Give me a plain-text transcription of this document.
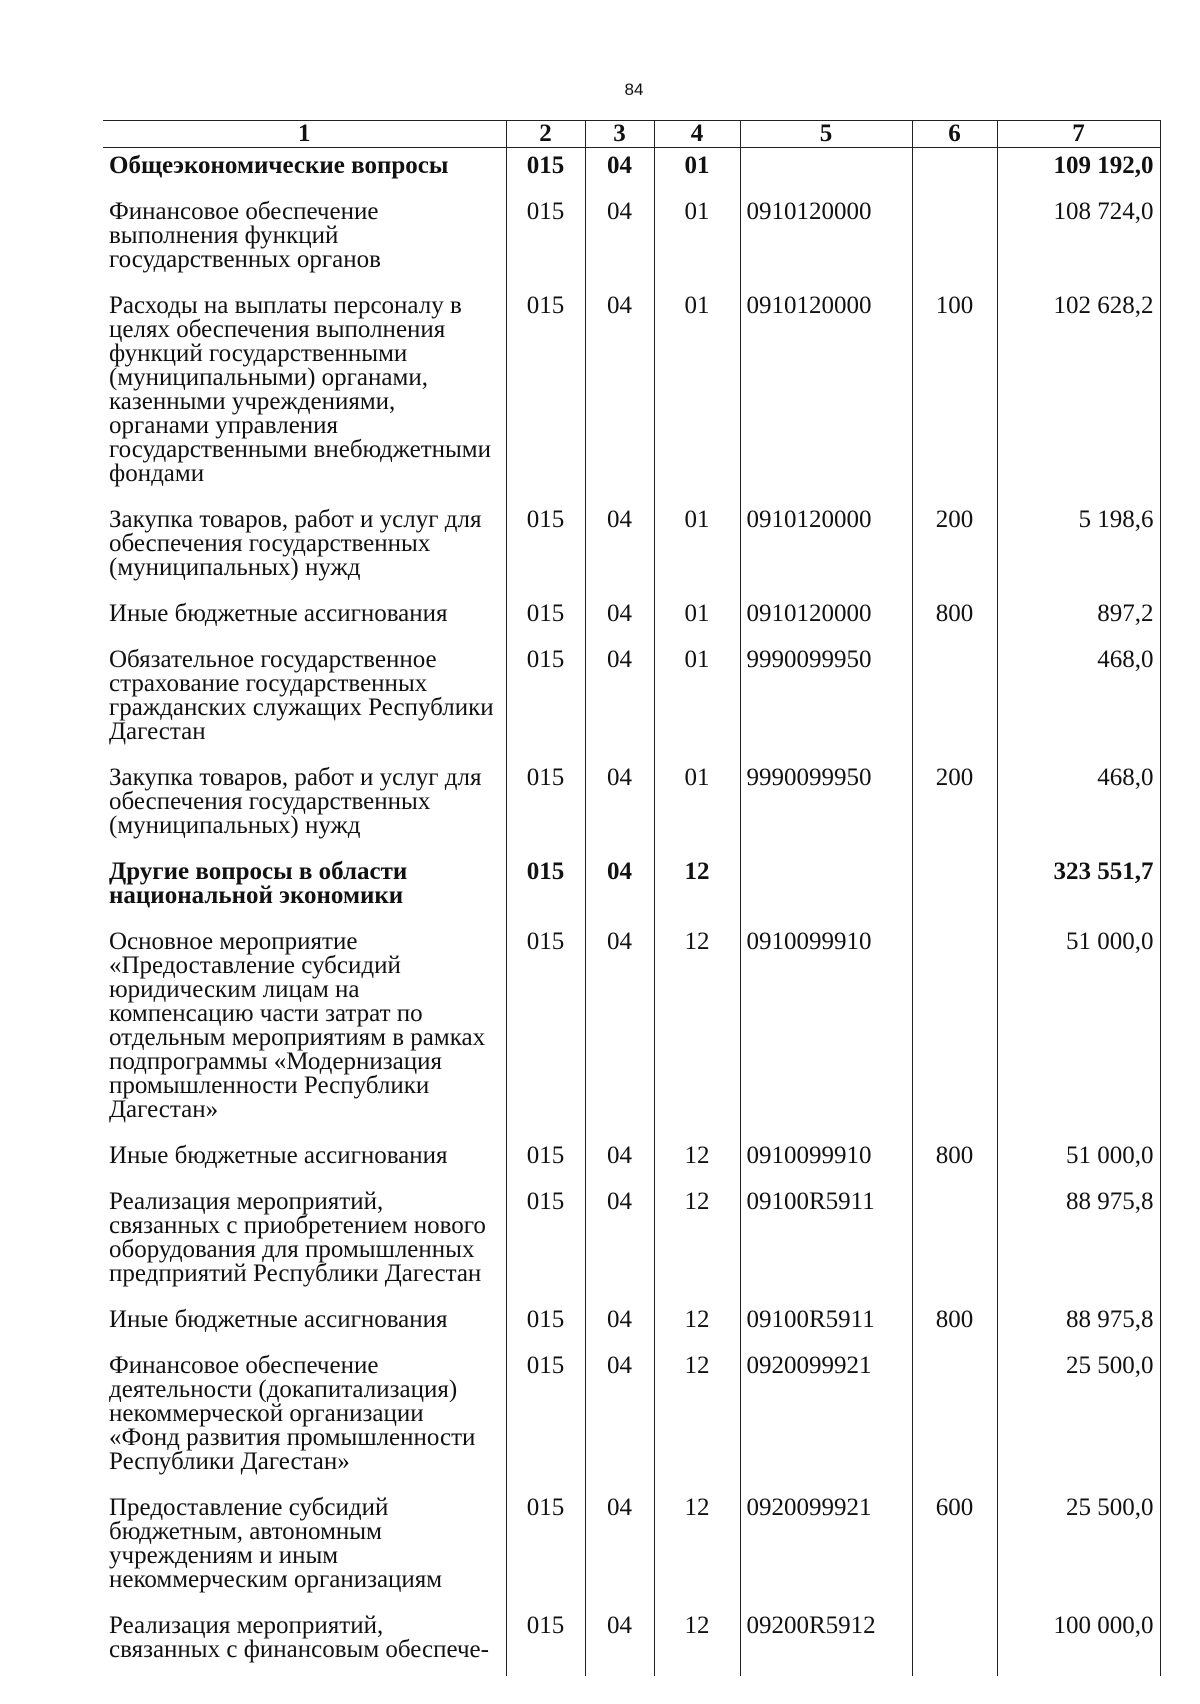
84
1	2	3	4	5	6	7
Общеэкономические вопросы	015	04	01			109 192,0
Финансовое обеспечение выполнения функций государственных органов	015	04	01	0910120000		108 724,0
Расходы на выплаты персоналу в целях обеспечения выполнения функций государственными (муниципальными) органами, казенными учреждениями, органами управления государственными внебюджетными фондами	015	04	01	0910120000	100	102 628,2
Закупка товаров, работ и услуг для обеспечения государственных (муниципальных) нужд	015	04	01	0910120000	200	5 198,6
Иные бюджетные ассигнования	015	04	01	0910120000	800	897,2
Обязательное государственное страхование государственных гражданских служащих Республики Дагестан	015	04	01	9990099950		468,0
Закупка товаров, работ и услуг для обеспечения государственных (муниципальных) нужд	015	04	01	9990099950	200	468,0
Другие вопросы в области национальной экономики	015	04	12			323 551,7
Основное мероприятие «Предоставление субсидий юридическим лицам на компенсацию части затрат по отдельным мероприятиям в рамках подпрограммы «Модернизация промышленности Республики Дагестан»	015	04	12	0910099910		51 000,0
Иные бюджетные ассигнования	015	04	12	0910099910	800	51 000,0
Реализация мероприятий, связанных с приобретением нового оборудования для промышленных предприятий Республики Дагестан	015	04	12	09100R5911		88 975,8
Иные бюджетные ассигнования	015	04	12	09100R5911	800	88 975,8
Финансовое обеспечение деятельности (докапитализация) некоммерческой организации «Фонд развития промышленности Республики Дагестан»	015	04	12	0920099921		25 500,0
Предоставление субсидий бюджетным, автономным учреждениям и иным некоммерческим организациям	015	04	12	0920099921	600	25 500,0
Реализация мероприятий, связанных с финансовым обеспече-	015	04	12	09200R5912		100 000,0
